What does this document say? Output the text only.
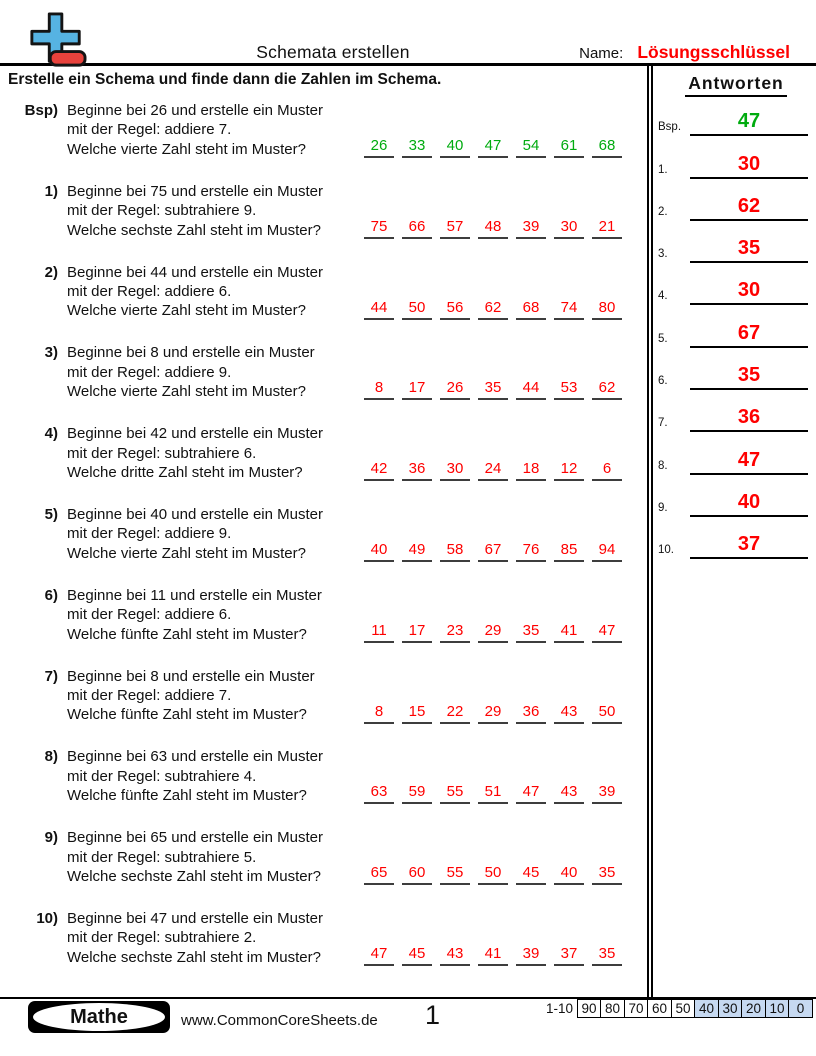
Schemata erstellen	Name: Lösungsschlüssel
Erstelle ein Schema und finde dann die Zahlen im Schema.
Bsp) Beginne bei 26 und erstelle ein Muster
mit der Regel: addiere 7.
Welche vierte Zahl steht im Muster?	26 33 40 47 54 61 68
1) Beginne bei 75 und erstelle ein Muster
mit der Regel: subtrahiere 9.
Welche sechste Zahl steht im Muster?	75 66 57 48 39 30 21
2) Beginne bei 44 und erstelle ein Muster
mit der Regel: addiere 6.
Welche vierte Zahl steht im Muster?	44 50 56 62 68 74 80
3) Beginne bei 8 und erstelle ein Muster
mit der Regel: addiere 9.
Welche vierte Zahl steht im Muster?	8 17 26 35 44 53 62
4) Beginne bei 42 und erstelle ein Muster
mit der Regel: subtrahiere 6.
Welche dritte Zahl steht im Muster?	42 36 30 24 18 12 6
5) Beginne bei 40 und erstelle ein Muster
mit der Regel: addiere 9.
Welche vierte Zahl steht im Muster?	40 49 58 67 76 85 94
6) Beginne bei 11 und erstelle ein Muster
mit der Regel: addiere 6.
Welche fünfte Zahl steht im Muster?	11 17 23 29 35 41 47
7) Beginne bei 8 und erstelle ein Muster
mit der Regel: addiere 7.
Welche fünfte Zahl steht im Muster?	8 15 22 29 36 43 50
8) Beginne bei 63 und erstelle ein Muster
mit der Regel: subtrahiere 4.
Welche fünfte Zahl steht im Muster?	63 59 55 51 47 43 39
9) Beginne bei 65 und erstelle ein Muster
mit der Regel: subtrahiere 5.
Welche sechste Zahl steht im Muster?	65 60 55 50 45 40 35
10) Beginne bei 47 und erstelle ein Muster
mit der Regel: subtrahiere 2.
Welche sechste Zahl steht im Muster?	47 45 43 41 39 37 35
Antworten
Bsp.	47
1.	30
2.	62
3.	35
4.	30
5.	67
6.	35
7.	36
8.	47
9.	40
10.	37
Mathe	www.CommonCoreSheets.de 1	1-10 90 80 70 60 50 40 30 20 10 0
